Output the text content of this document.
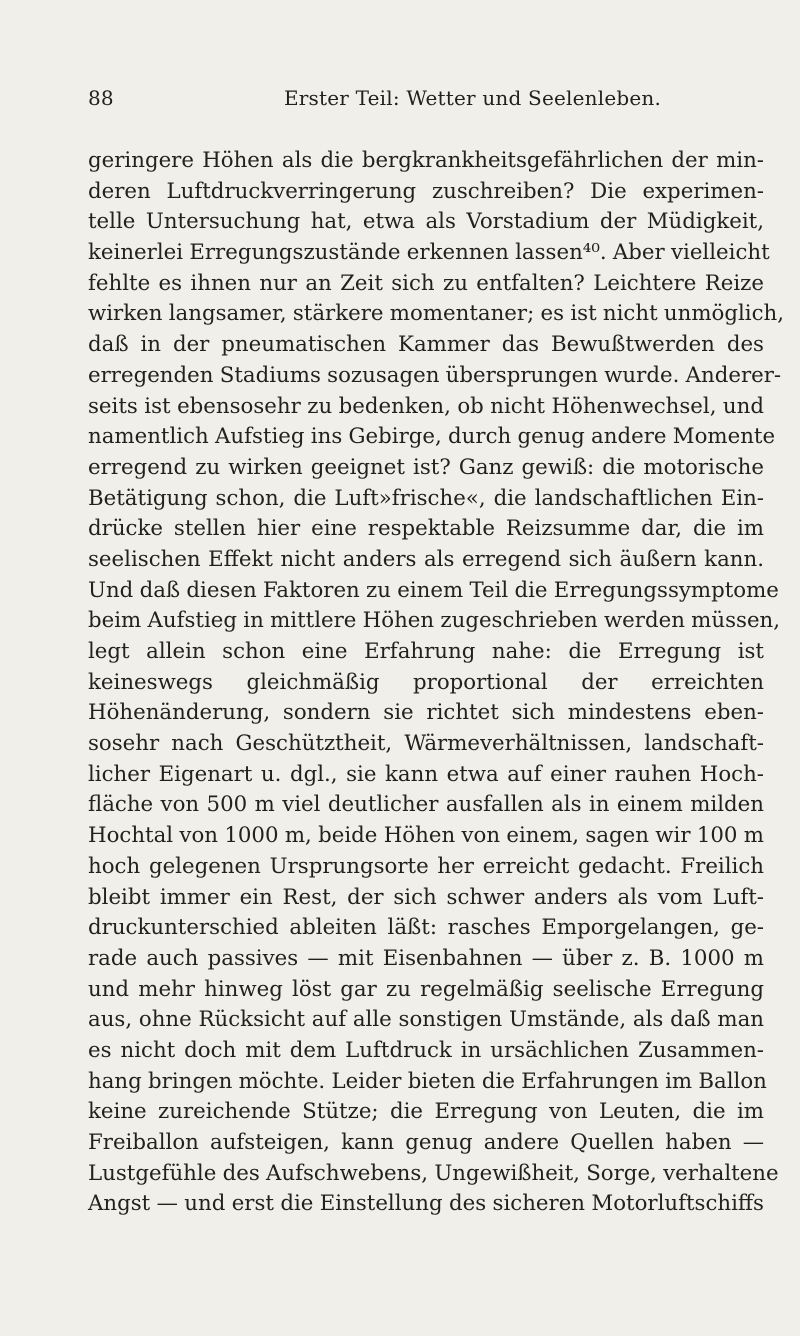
88	Erster Teil: Wetter und Seelenleben.
geringere Höhen als die bergkrankheitsgefährlichen der min-
deren Luftdruckverringerung zuschreiben? Die experimen-
telle Untersuchung hat, etwa als Vorstadium der Müdigkeit,
keinerlei Erregungszustände erkennen lassen⁴⁰. Aber vielleicht
fehlte es ihnen nur an Zeit sich zu entfalten? Leichtere Reize
wirken langsamer, stärkere momentaner; es ist nicht unmöglich,
daß in der pneumatischen Kammer das Bewußtwerden des
erregenden Stadiums sozusagen übersprungen wurde. Anderer-
seits ist ebensosehr zu bedenken, ob nicht Höhenwechsel, und
namentlich Aufstieg ins Gebirge, durch genug andere Momente
erregend zu wirken geeignet ist? Ganz gewiß: die motorische
Betätigung schon, die Luft»frische«, die landschaftlichen Ein-
drücke stellen hier eine respektable Reizsumme dar, die im
seelischen Effekt nicht anders als erregend sich äußern kann.
Und daß diesen Faktoren zu einem Teil die Erregungssymptome
beim Aufstieg in mittlere Höhen zugeschrieben werden müssen,
legt allein schon eine Erfahrung nahe: die Erregung ist
keineswegs gleichmäßig proportional der erreichten
Höhenänderung, sondern sie richtet sich mindestens eben-
sosehr nach Geschütztheit, Wärmeverhältnissen, landschaft-
licher Eigenart u. dgl., sie kann etwa auf einer rauhen Hoch-
fläche von 500 m viel deutlicher ausfallen als in einem milden
Hochtal von 1000 m, beide Höhen von einem, sagen wir 100 m
hoch gelegenen Ursprungsorte her erreicht gedacht. Freilich
bleibt immer ein Rest, der sich schwer anders als vom Luft-
druckunterschied ableiten läßt: rasches Emporgelangen, ge-
rade auch passives — mit Eisenbahnen — über z. B. 1000 m
und mehr hinweg löst gar zu regelmäßig seelische Erregung
aus, ohne Rücksicht auf alle sonstigen Umstände, als daß man
es nicht doch mit dem Luftdruck in ursächlichen Zusammen-
hang bringen möchte. Leider bieten die Erfahrungen im Ballon
keine zureichende Stütze; die Erregung von Leuten, die im
Freiballon aufsteigen, kann genug andere Quellen haben —
Lustgefühle des Aufschwebens, Ungewißheit, Sorge, verhaltene
Angst — und erst die Einstellung des sicheren Motorluftschiffs
